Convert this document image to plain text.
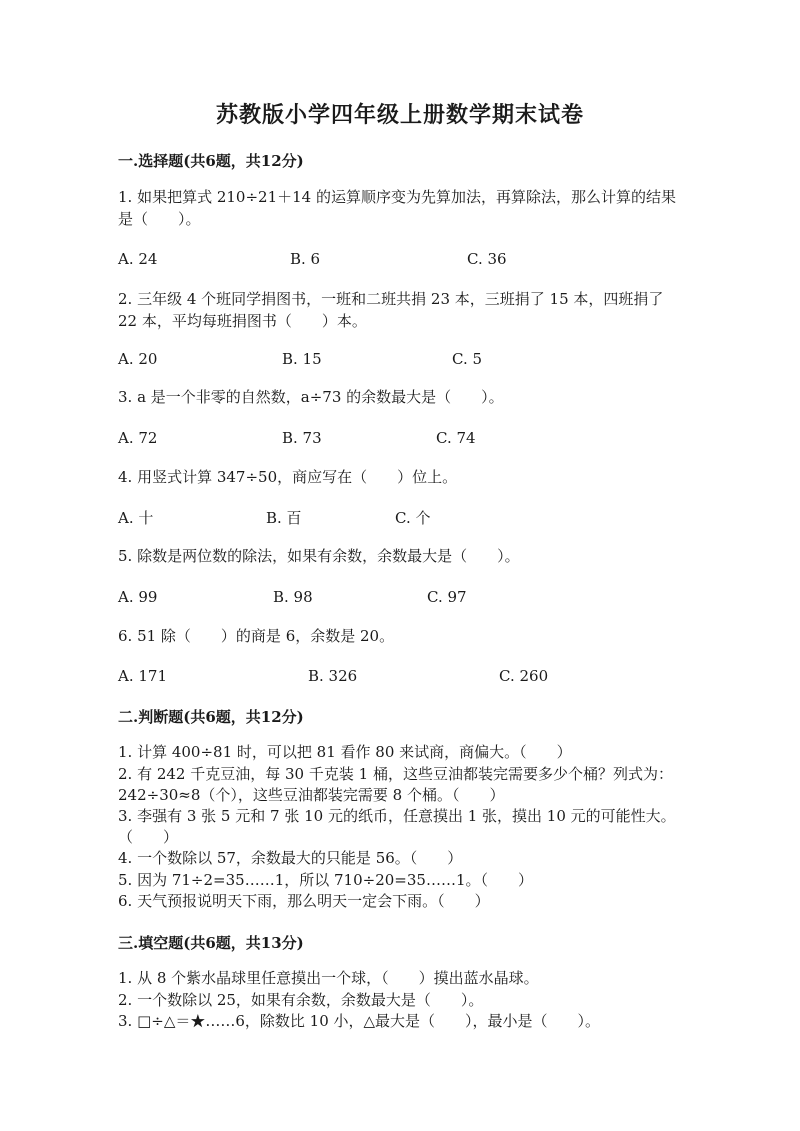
苏教版小学四年级上册数学期末试卷
一.选择题(共6题，共12分)
1. 如果把算式 210÷21＋14 的运算顺序变为先算加法，再算除法，那么计算的结果是（　　）。
A. 24	B. 6	C. 36
2. 三年级 4 个班同学捐图书，一班和二班共捐 23 本，三班捐了 15 本，四班捐了 22 本，平均每班捐图书（　　）本。
A. 20	B. 15	C. 5
3. a 是一个非零的自然数，a÷73 的余数最大是（　　）。
A. 72	B. 73	C. 74
4. 用竖式计算 347÷50，商应写在（　　）位上。
A. 十	B. 百	C. 个
5. 除数是两位数的除法，如果有余数，余数最大是（　　）。
A. 99	B. 98	C. 97
6. 51 除（　　）的商是 6，余数是 20。
A. 171	B. 326	C. 260
二.判断题(共6题，共12分)
1. 计算 400÷81 时，可以把 81 看作 80 来试商，商偏大。（　　）
2. 有 242 千克豆油，每 30 千克装 1 桶，这些豆油都装完需要多少个桶？列式为：242÷30≈8（个），这些豆油都装完需要 8 个桶。（　　）
3. 李强有 3 张 5 元和 7 张 10 元的纸币，任意摸出 1 张，摸出 10 元的可能性大。　　（　　）
4. 一个数除以 57，余数最大的只能是 56。（　　）
5. 因为 71÷2=35……1，所以 710÷20=35……1。（　　）
6. 天气预报说明天下雨，那么明天一定会下雨。（　　）
三.填空题(共6题，共13分)
1. 从 8 个紫水晶球里任意摸出一个球，（　　）摸出蓝水晶球。
2. 一个数除以 25，如果有余数，余数最大是（　　）。
3. □÷△＝★……6，除数比 10 小，△最大是（　　），最小是（　　）。
